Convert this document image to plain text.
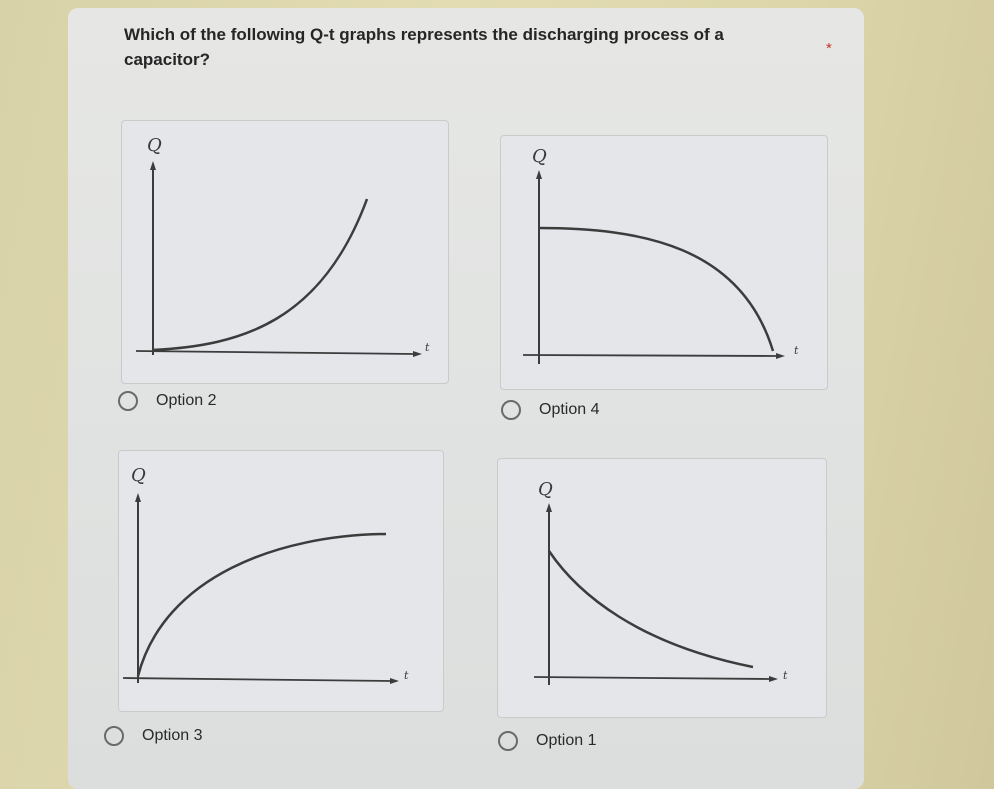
Which of the following Q-t graphs represents the discharging process of a capacitor?
*
Q
t
Option 2
Q
t
Option 4
Q
t
Option 3
Q
t
Option 1
